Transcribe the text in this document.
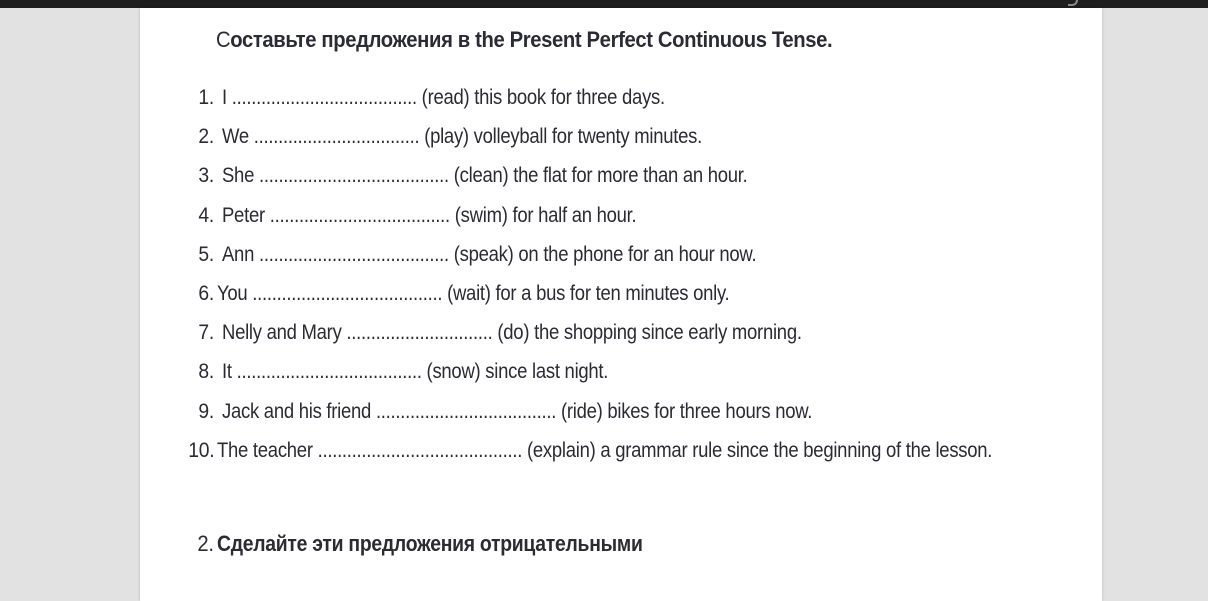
Составьте предложения в the Present Perfect Continuous Tense.
1. I ...................................... (read) this book for three days.
2. We .................................. (play) volleyball for twenty minutes.
3. She ....................................... (clean) the flat for more than an hour.
4. Peter ..................................... (swim) for half an hour.
5. Ann ....................................... (speak) on the phone for an hour now.
6. You ....................................... (wait) for a bus for ten minutes only.
7. Nelly and Mary .............................. (do) the shopping since early morning.
8. It ...................................... (snow) since last night.
9. Jack and his friend ..................................... (ride) bikes for three hours now.
10. The teacher .......................................... (explain) a grammar rule since the beginning of the lesson.
2. Сделайте эти предложения отрицательными
